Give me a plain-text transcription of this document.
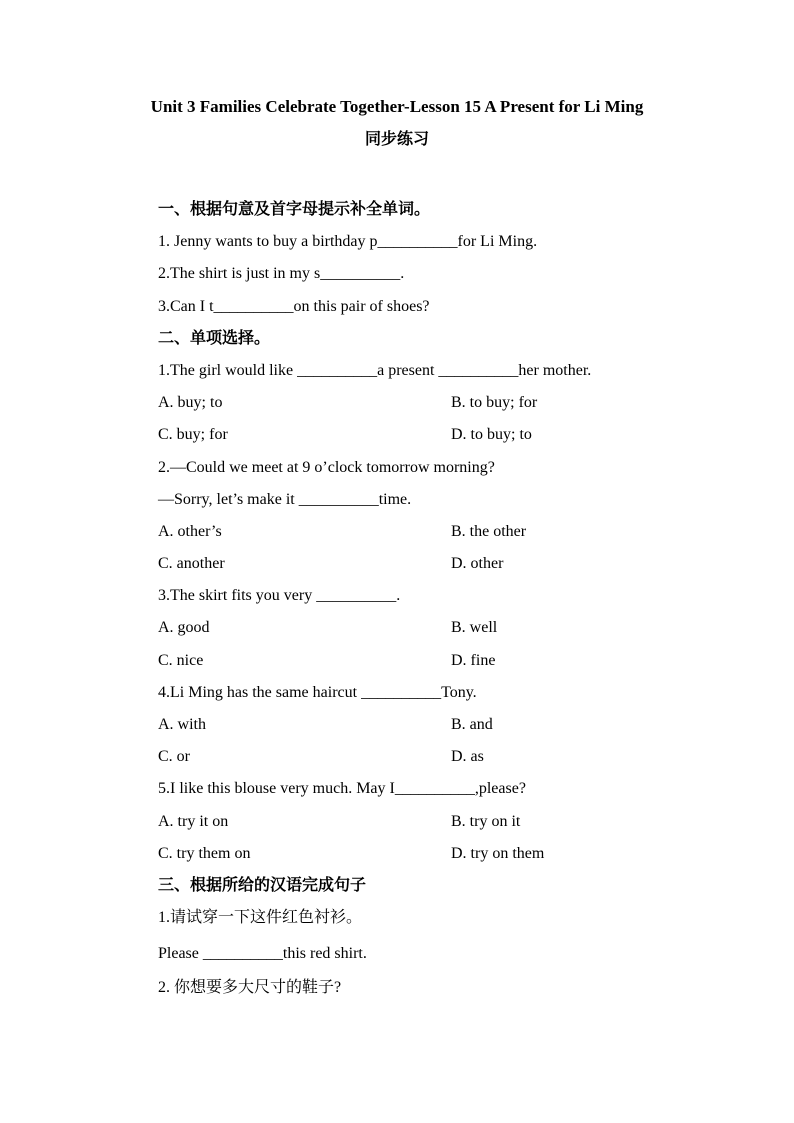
Unit 3 Families Celebrate Together-Lesson 15 A Present for Li Ming
同步练习
一、根据句意及首字母提示补全单词。
1. Jenny wants to buy a birthday p__________for Li Ming.
2.The shirt is just in my s__________.
3.Can I t__________on this pair of shoes?
二、单项选择。
1.The girl would like __________a present __________her mother.
A. buy; to	B. to buy; for
C. buy; for	D. to buy; to
2.—Could we meet at 9 o’clock tomorrow morning?
—Sorry, let’s make it __________time.
A. other’s	B. the other
C. another	D. other
3.The skirt fits you very __________.
A. good	B. well
C. nice	D. fine
4.Li Ming has the same haircut __________Tony.
A. with	B. and
C. or	D. as
5.I like this blouse very much. May I__________,please?
A. try it on	B. try on it
C. try them on	D. try on them
三、根据所给的汉语完成句子
1.请试穿一下这件红色衬衫。
Please __________this red shirt.
2. 你想要多大尺寸的鞋子?
